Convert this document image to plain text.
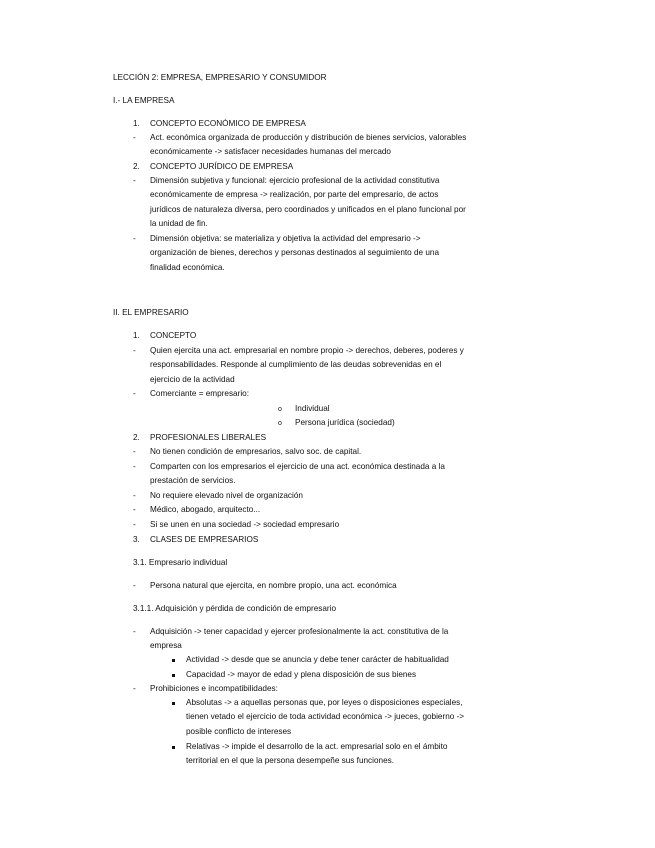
LECCIÓN 2: EMPRESA, EMPRESARIO Y CONSUMIDOR
I.- LA EMPRESA
1. CONCEPTO ECONÓMICO DE EMPRESA
- Act. económica organizada de producción y distribución de bienes servicios, valorables
económicamente -> satisfacer necesidades humanas del mercado
2. CONCEPTO JURÍDICO DE EMPRESA
- Dimensión subjetiva y funcional: ejercicio profesional de la actividad constitutiva
económicamente de empresa -> realización, por parte del empresario, de actos
jurídicos de naturaleza diversa, pero coordinados y unificados en el plano funcional por
la unidad de fin.
- Dimensión objetiva: se materializa y objetiva la actividad del empresario ->
organización de bienes, derechos y personas destinados al seguimiento de una
finalidad económica.
II. EL EMPRESARIO
1. CONCEPTO
- Quien ejercita una act. empresarial en nombre propio -> derechos, deberes, poderes y
responsabilidades. Responde al cumplimiento de las deudas sobrevenidas en el
ejercicio de la actividad
- Comerciante = empresario:
o Individual
o Persona jurídica (sociedad)
2. PROFESIONALES LIBERALES
- No tienen condición de empresarios, salvo soc. de capital.
- Comparten con los empresarios el ejercicio de una act. económica destinada a la
prestación de servicios.
- No requiere elevado nivel de organización
- Médico, abogado, arquitecto...
- Si se unen en una sociedad -> sociedad empresario
3. CLASES DE EMPRESARIOS
3.1. Empresario individual
- Persona natural que ejercita, en nombre propio, una act. económica
3.1.1. Adquisición y pérdida de condición de empresario
- Adquisición -> tener capacidad y ejercer profesionalmente la act. constitutiva de la
empresa
Actividad -> desde que se anuncia y debe tener carácter de habitualidad
Capacidad -> mayor de edad y plena disposición de sus bienes
- Prohibiciones e incompatibilidades:
Absolutas -> a aquellas personas que, por leyes o disposiciones especiales,
tienen vetado el ejercicio de toda actividad económica -> jueces, gobierno ->
posible conflicto de intereses
Relativas -> impide el desarrollo de la act. empresarial solo en el ámbito
territorial en el que la persona desempeñe sus funciones.
